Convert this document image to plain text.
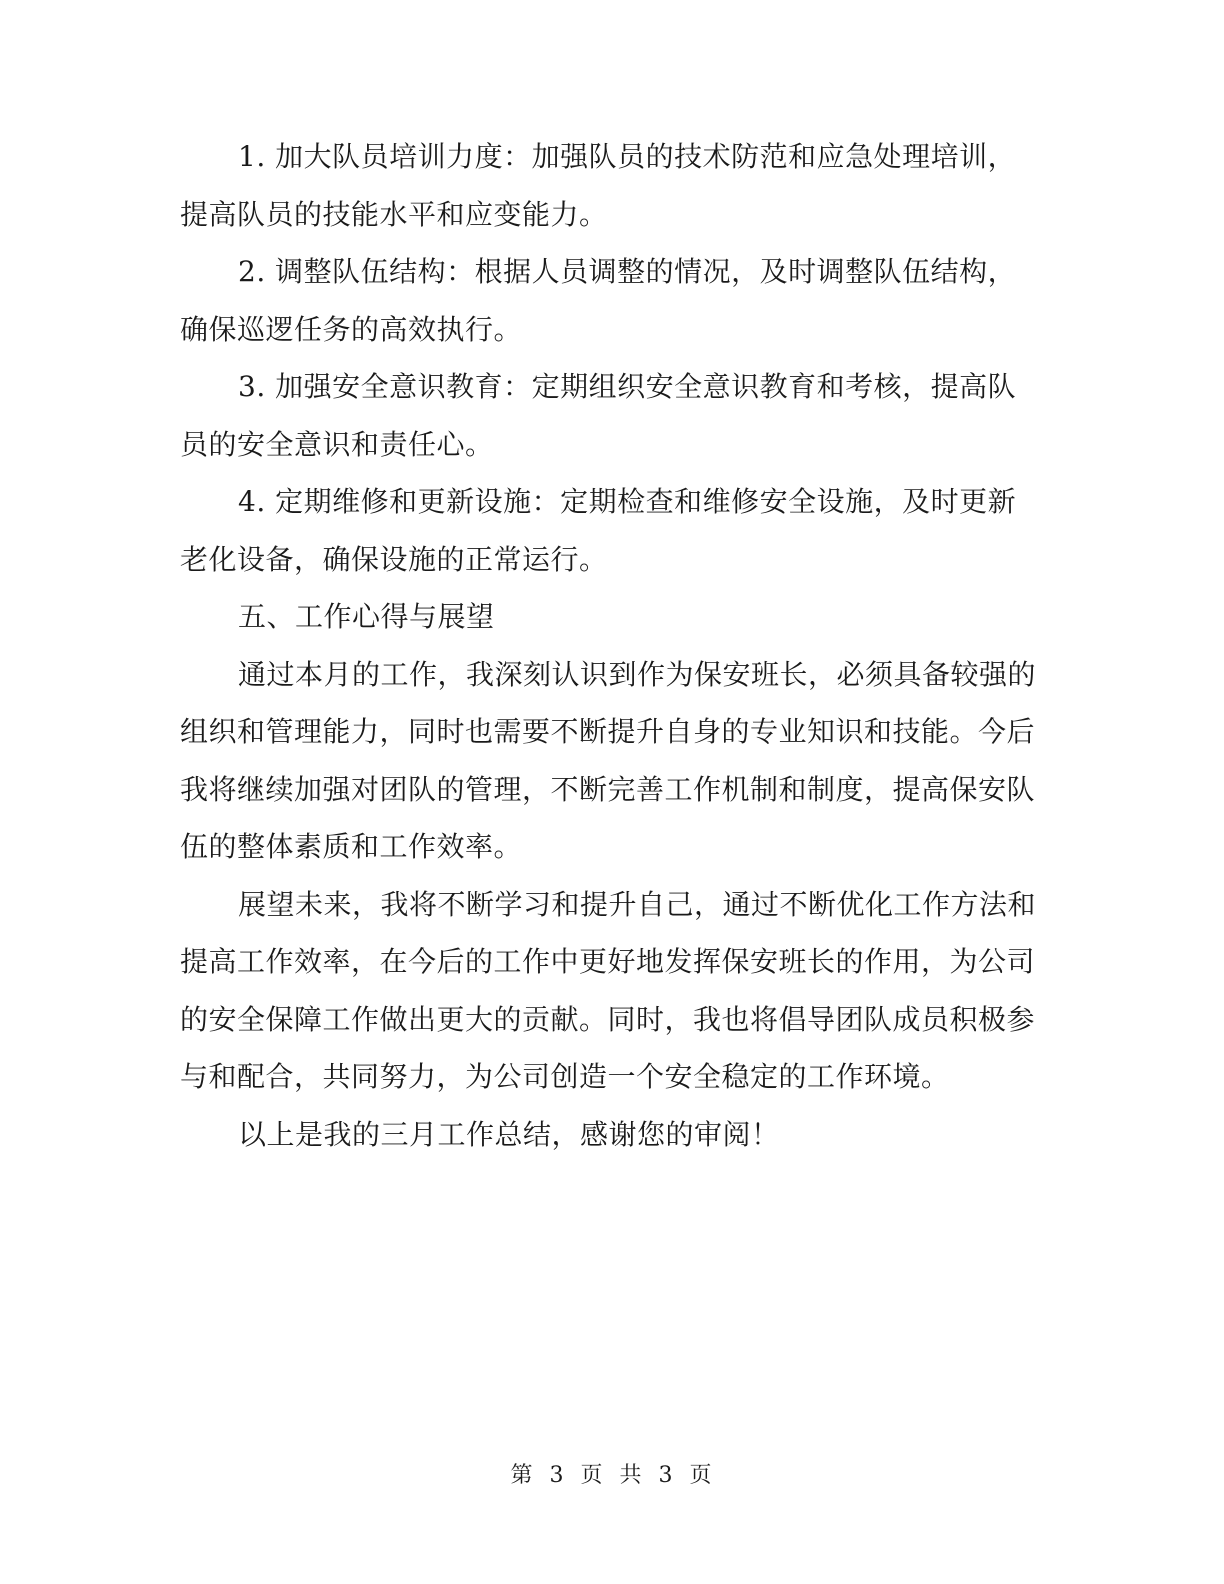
1. 加大队员培训力度：加强队员的技术防范和应急处理培训，提高队员的技能水平和应变能力。

2. 调整队伍结构：根据人员调整的情况，及时调整队伍结构，确保巡逻任务的高效执行。

3. 加强安全意识教育：定期组织安全意识教育和考核，提高队员的安全意识和责任心。

4. 定期维修和更新设施：定期检查和维修安全设施，及时更新老化设备，确保设施的正常运行。

五、工作心得与展望

通过本月的工作，我深刻认识到作为保安班长，必须具备较强的组织和管理能力，同时也需要不断提升自身的专业知识和技能。今后我将继续加强对团队的管理，不断完善工作机制和制度，提高保安队伍的整体素质和工作效率。

展望未来，我将不断学习和提升自己，通过不断优化工作方法和提高工作效率，在今后的工作中更好地发挥保安班长的作用，为公司的安全保障工作做出更大的贡献。同时，我也将倡导团队成员积极参与和配合，共同努力，为公司创造一个安全稳定的工作环境。

以上是我的三月工作总结，感谢您的审阅！

第 3 页 共 3 页
